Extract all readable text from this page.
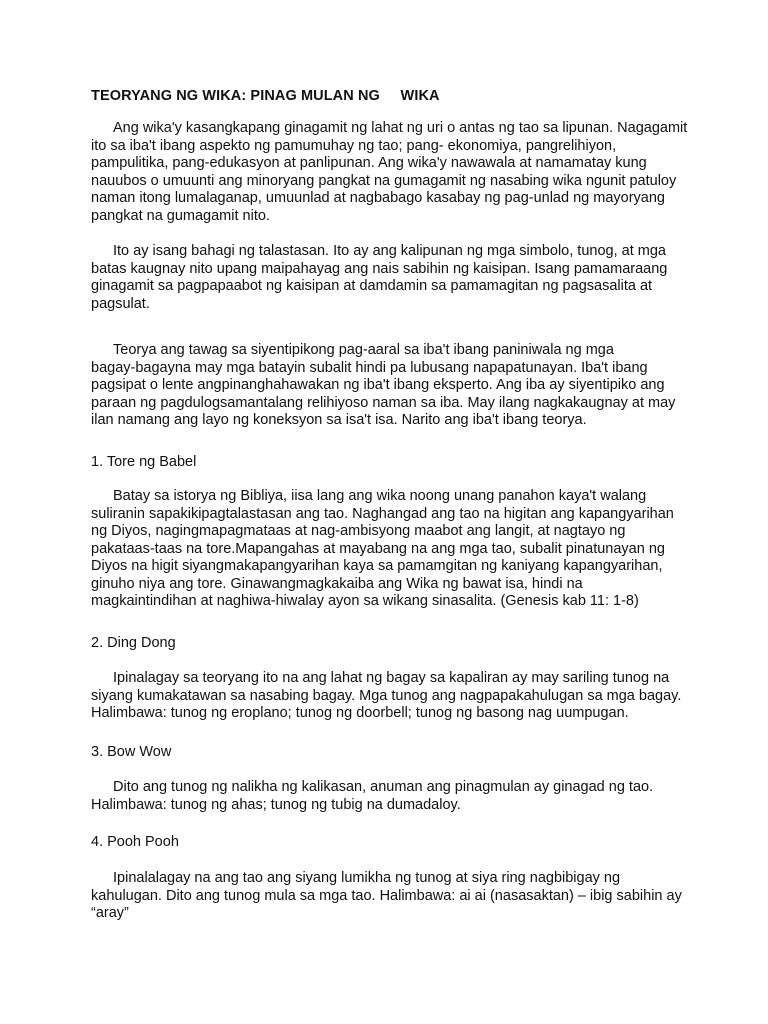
TEORYANG NG WIKA: PINAG MULAN NG     WIKA

Ang wika'y kasangkapang ginagamit ng lahat ng uri o antas ng tao sa lipunan. Nagagamit
ito sa iba't ibang aspekto ng pamumuhay ng tao; pang- ekonomiya, pangrelihiyon,
pampulitika, pang-edukasyon at panlipunan. Ang wika'y nawawala at namamatay kung
nauubos o umuunti ang minoryang pangkat na gumagamit ng nasabing wika ngunit patuloy
naman itong lumalaganap, umuunlad at nagbabago kasabay ng pag-unlad ng mayoryang
pangkat na gumagamit nito.

Ito ay isang bahagi ng talastasan. Ito ay ang kalipunan ng mga simbolo, tunog, at mga
batas kaugnay nito upang maipahayag ang nais sabihin ng kaisipan. Isang pamamaraang
ginagamit sa pagpapaabot ng kaisipan at damdamin sa pamamagitan ng pagsasalita at
pagsulat.

Teorya ang tawag sa siyentipikong pag-aaral sa iba't ibang paniniwala ng mga
bagay-bagayna may mga batayin subalit hindi pa lubusang napapatunayan. Iba't ibang
pagsipat o lente angpinanghahawakan ng iba't ibang eksperto. Ang iba ay siyentipiko ang
paraan ng pagdulogsamantalang relihiyoso naman sa iba. May ilang nagkakaugnay at may
ilan namang ang layo ng koneksyon sa isa't isa. Narito ang iba't ibang teorya.

1. Tore ng Babel

Batay sa istorya ng Bibliya, iisa lang ang wika noong unang panahon kaya't walang
suliranin sapakikipagtalastasan ang tao. Naghangad ang tao na higitan ang kapangyarihan
ng Diyos, nagingmapagmataas at nag-ambisyong maabot ang langit, at nagtayo ng
pakataas-taas na tore.Mapangahas at mayabang na ang mga tao, subalit pinatunayan ng
Diyos na higit siyangmakapangyarihan kaya sa pamamgitan ng kaniyang kapangyarihan,
ginuho niya ang tore. Ginawangmagkakaiba ang Wika ng bawat isa, hindi na
magkaintindihan at naghiwa-hiwalay ayon sa wikang sinasalita. (Genesis kab 11: 1-8)

2. Ding Dong

Ipinalagay sa teoryang ito na ang lahat ng bagay sa kapaliran ay may sariling tunog na
siyang kumakatawan sa nasabing bagay. Mga tunog ang nagpapakahulugan sa mga bagay.
Halimbawa: tunog ng eroplano; tunog ng doorbell; tunog ng basong nag uumpugan.

3. Bow Wow

Dito ang tunog ng nalikha ng kalikasan, anuman ang pinagmulan ay ginagad ng tao.
Halimbawa: tunog ng ahas; tunog ng tubig na dumadaloy.

4. Pooh Pooh

Ipinalalagay na ang tao ang siyang lumikha ng tunog at siya ring nagbibigay ng
kahulugan. Dito ang tunog mula sa mga tao. Halimbawa: ai ai (nasasaktan) – ibig sabihin ay
“aray”
